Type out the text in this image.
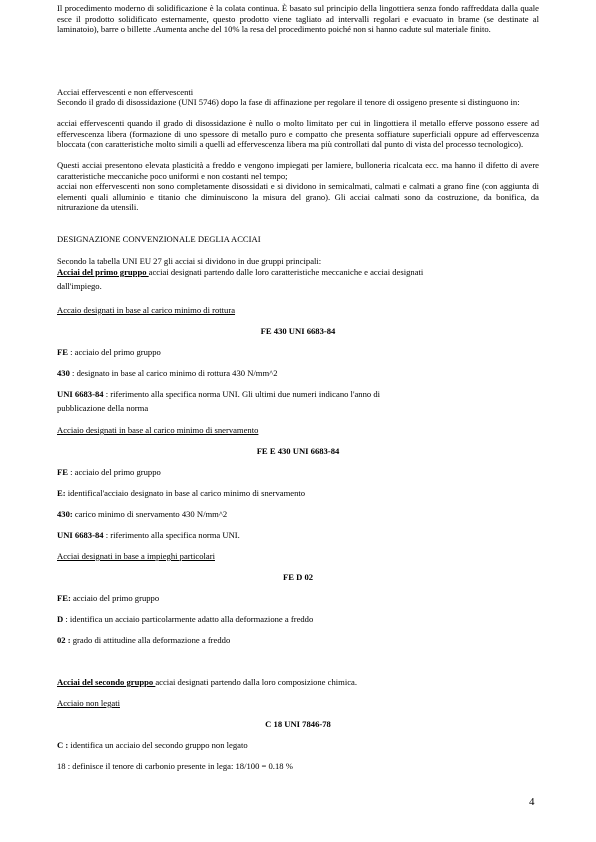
Il procedimento moderno di solidificazione è la colata continua. È basato sul principio della lingottiera senza fondo raffreddata dalla quale esce il prodotto solidificato esternamente, questo prodotto viene tagliato ad intervalli regolari e evacuato in brame (se destinate al laminatoio), barre o billette .Aumenta anche del 10% la resa del procedimento poiché non si hanno cadute sul materiale finito.
Acciai effervescenti e non effervescenti
Secondo il grado di disossidazione (UNI 5746) dopo la fase di affinazione per regolare il tenore di ossigeno presente si distinguono in:
acciai effervescenti quando il grado di disossidazione è nullo o molto limitato per cui in lingottiera il metallo efferve possono essere ad effervescenza libera (formazione di uno spessore di metallo puro e compatto che presenta soffiature superficiali oppure ad effervescenza bloccata (con caratteristiche molto simili a quelli ad effervescenza libera ma più controllati dal punto di vista del processo tecnologico).
Questi acciai presentono elevata plasticità a freddo e vengono impiegati per lamiere, bulloneria ricalcata ecc. ma hanno il difetto di avere caratteristiche meccaniche poco uniformi e non costanti nel tempo;
acciai non effervescenti non sono completamente disossidati e si dividono in semicalmati, calmati e calmati a grano fine (con aggiunta di elementi quali alluminio e titanio che diminuiscono la misura del grano). Gli acciai calmati sono da costruzione, da bonifica, da nitrurazione da utensili.
DESIGNAZIONE CONVENZIONALE DEGLIA ACCIAI
Secondo la tabella UNI EU 27 gli acciai si dividono in due gruppi principali:
Acciai del primo gruppo acciai designati partendo dalle loro caratteristiche meccaniche e acciai designati
dall'impiego.
Accaio designati in base al carico minimo di rottura
FE 430 UNI 6683-84
FE : acciaio del primo gruppo
430 : designato in base al carico minimo di rottura 430 N/mm^2
UNI 6683-84 : riferimento alla specifica norma UNI. Gli ultimi due numeri indicano l'anno di
pubblicazione della norma
Acciaio designati in base al carico minimo di snervamento
FE E 430 UNI 6683-84
FE : acciaio del primo gruppo
E: identifical'acciaio designato in base al carico minimo di snervamento
430: carico minimo di snervamento 430 N/mm^2
UNI 6683-84 : riferimento alla specifica norma UNI.
Acciai designati in base a impieghi particolari
FE D 02
FE: acciaio del primo gruppo
D : identifica un acciaio particolarmente adatto alla deformazione a freddo
02 : grado di attitudine alla deformazione a freddo
Acciai del secondo gruppo acciai designati partendo dalla loro composizione chimica.
Acciaio non legati
C 18 UNI 7846-78
C : identifica un acciaio del secondo gruppo non legato
18 : definisce il tenore di carbonio presente in lega: 18/100 = 0.18 %
4
